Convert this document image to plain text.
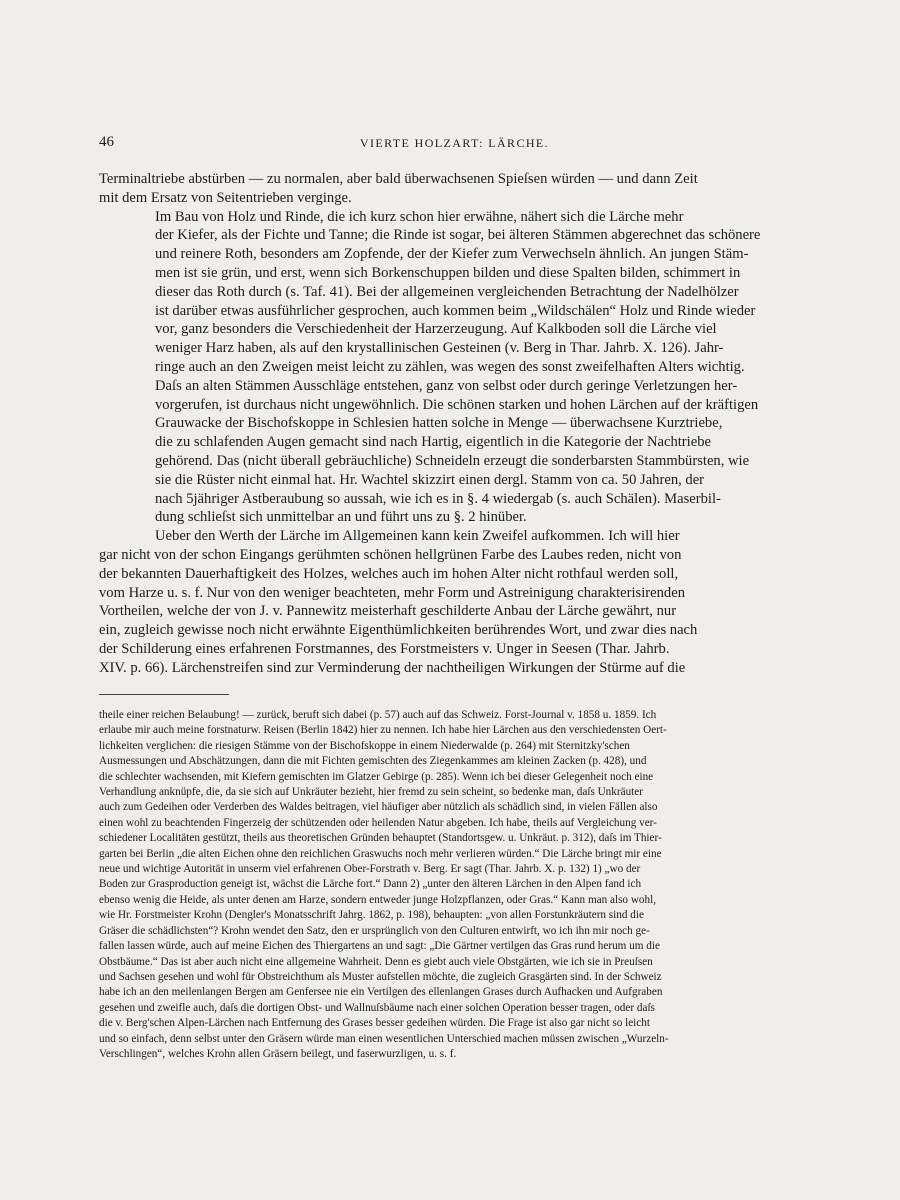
46	VIERTE HOLZART: LÄRCHE.

Terminaltriebe abstürben — zu normalen, aber bald überwachsenen Spieſsen würden — und dann Zeit
mit dem Ersatz von Seitentrieben verginge.

Im Bau von Holz und Rinde, die ich kurz schon hier erwähne, nähert sich die Lärche mehr
der Kiefer, als der Fichte und Tanne; die Rinde ist sogar, bei älteren Stämmen abgerechnet das schönere
und reinere Roth, besonders am Zopfende, der der Kiefer zum Verwechseln ähnlich. An jungen Stäm-
men ist sie grün, und erst, wenn sich Borkenschuppen bilden und diese Spalten bilden, schimmert in
dieser das Roth durch (s. Taf. 41). Bei der allgemeinen vergleichenden Betrachtung der Nadelhölzer
ist darüber etwas ausführlicher gesprochen, auch kommen beim „Wildschälen“ Holz und Rinde wieder
vor, ganz besonders die Verschiedenheit der Harzerzeugung. Auf Kalkboden soll die Lärche viel
weniger Harz haben, als auf den krystallinischen Gesteinen (v. Berg in Thar. Jahrb. X. 126). Jahr-
ringe auch an den Zweigen meist leicht zu zählen, was wegen des sonst zweifelhaften Alters wichtig.
Daſs an alten Stämmen Ausschläge entstehen, ganz von selbst oder durch geringe Verletzungen her-
vorgerufen, ist durchaus nicht ungewöhnlich. Die schönen starken und hohen Lärchen auf der kräftigen
Grauwacke der Bischofskoppe in Schlesien hatten solche in Menge — überwachsene Kurztriebe,
die zu schlafenden Augen gemacht sind nach Hartig, eigentlich in die Kategorie der Nachtriebe
gehörend. Das (nicht überall gebräuchliche) Schneideln erzeugt die sonderbarsten Stammbürsten, wie
sie die Rüster nicht einmal hat. Hr. Wachtel skizzirt einen dergl. Stamm von ca. 50 Jahren, der
nach 5jähriger Astberaubung so aussah, wie ich es in §. 4 wiedergab (s. auch Schälen). Maserbil-
dung schlieſst sich unmittelbar an und führt uns zu §. 2 hinüber.

Ueber den Werth der Lärche im Allgemeinen kann kein Zweifel aufkommen. Ich will hier
gar nicht von der schon Eingangs gerühmten schönen hellgrünen Farbe des Laubes reden, nicht von
der bekannten Dauerhaftigkeit des Holzes, welches auch im hohen Alter nicht rothfaul werden soll,
vom Harze u. s. f. Nur von den weniger beachteten, mehr Form und Astreinigung charakterisirenden
Vortheilen, welche der von J. v. Pannewitz meisterhaft geschilderte Anbau der Lärche gewährt, nur
ein, zugleich gewisse noch nicht erwähnte Eigenthümlichkeiten berührendes Wort, und zwar dies nach
der Schilderung eines erfahrenen Forstmannes, des Forstmeisters v. Unger in Seesen (Thar. Jahrb.
XIV. p. 66). Lärchenstreifen sind zur Verminderung der nachtheiligen Wirkungen der Stürme auf die

theile einer reichen Belaubung! — zurück, beruft sich dabei (p. 57) auch auf das Schweiz. Forst-Journal v. 1858 u. 1859. Ich
erlaube mir auch meine forstnaturw. Reisen (Berlin 1842) hier zu nennen. Ich habe hier Lärchen aus den verschiedensten Oert-
lichkeiten verglichen: die riesigen Stämme von der Bischofskoppe in einem Niederwalde (p. 264) mit Sternitzky'schen
Ausmessungen und Abschätzungen, dann die mit Fichten gemischten des Ziegenkammes am kleinen Zacken (p. 428), und
die schlechter wachsenden, mit Kiefern gemischten im Glatzer Gebirge (p. 285). Wenn ich bei dieser Gelegenheit noch eine
Verhandlung anknüpfe, die, da sie sich auf Unkräuter bezieht, hier fremd zu sein scheint, so bedenke man, daſs Unkräuter
auch zum Gedeihen oder Verderben des Waldes beitragen, viel häufiger aber nützlich als schädlich sind, in vielen Fällen also
einen wohl zu beachtenden Fingerzeig der schützenden oder heilenden Natur abgeben. Ich habe, theils auf Vergleichung ver-
schiedener Localitäten gestützt, theils aus theoretischen Gründen behauptet (Standortsgew. u. Unkräut. p. 312), daſs im Thier-
garten bei Berlin „die alten Eichen ohne den reichlichen Graswuchs noch mehr verlieren würden.“ Die Lärche bringt mir eine
neue und wichtige Autorität in unserm viel erfahrenen Ober-Forstrath v. Berg. Er sagt (Thar. Jahrb. X. p. 132) 1) „wo der
Boden zur Grasproduction geneigt ist, wächst die Lärche fort.“ Dann 2) „unter den älteren Lärchen in den Alpen fand ich
ebenso wenig die Heide, als unter denen am Harze, sondern entweder junge Holzpflanzen, oder Gras.“ Kann man also wohl,
wie Hr. Forstmeister Krohn (Dengler's Monatsschrift Jahrg. 1862, p. 198), behaupten: „von allen Forstunkräutern sind die
Gräser die schädlichsten“? Krohn wendet den Satz, den er ursprünglich von den Culturen entwirft, wo ich ihn mir noch ge-
fallen lassen würde, auch auf meine Eichen des Thiergartens an und sagt: „Die Gärtner vertilgen das Gras rund herum um die
Obstbäume.“ Das ist aber auch nicht eine allgemeine Wahrheit. Denn es giebt auch viele Obstgärten, wie ich sie in Preuſsen
und Sachsen gesehen und wohl für Obstreichthum als Muster aufstellen möchte, die zugleich Grasgärten sind. In der Schweiz
habe ich an den meilenlangen Bergen am Genfersee nie ein Vertilgen des ellenlangen Grases durch Aufhacken und Aufgraben
gesehen und zweifle auch, daſs die dortigen Obst- und Wallnuſsbäume nach einer solchen Operation besser tragen, oder daſs
die v. Berg'schen Alpen-Lärchen nach Entfernung des Grases besser gedeihen würden. Die Frage ist also gar nicht so leicht
und so einfach, denn selbst unter den Gräsern würde man einen wesentlichen Unterschied machen müssen zwischen „Wurzeln-
Verschlingen“, welches Krohn allen Gräsern beilegt, und faserwurzligen, u. s. f.
